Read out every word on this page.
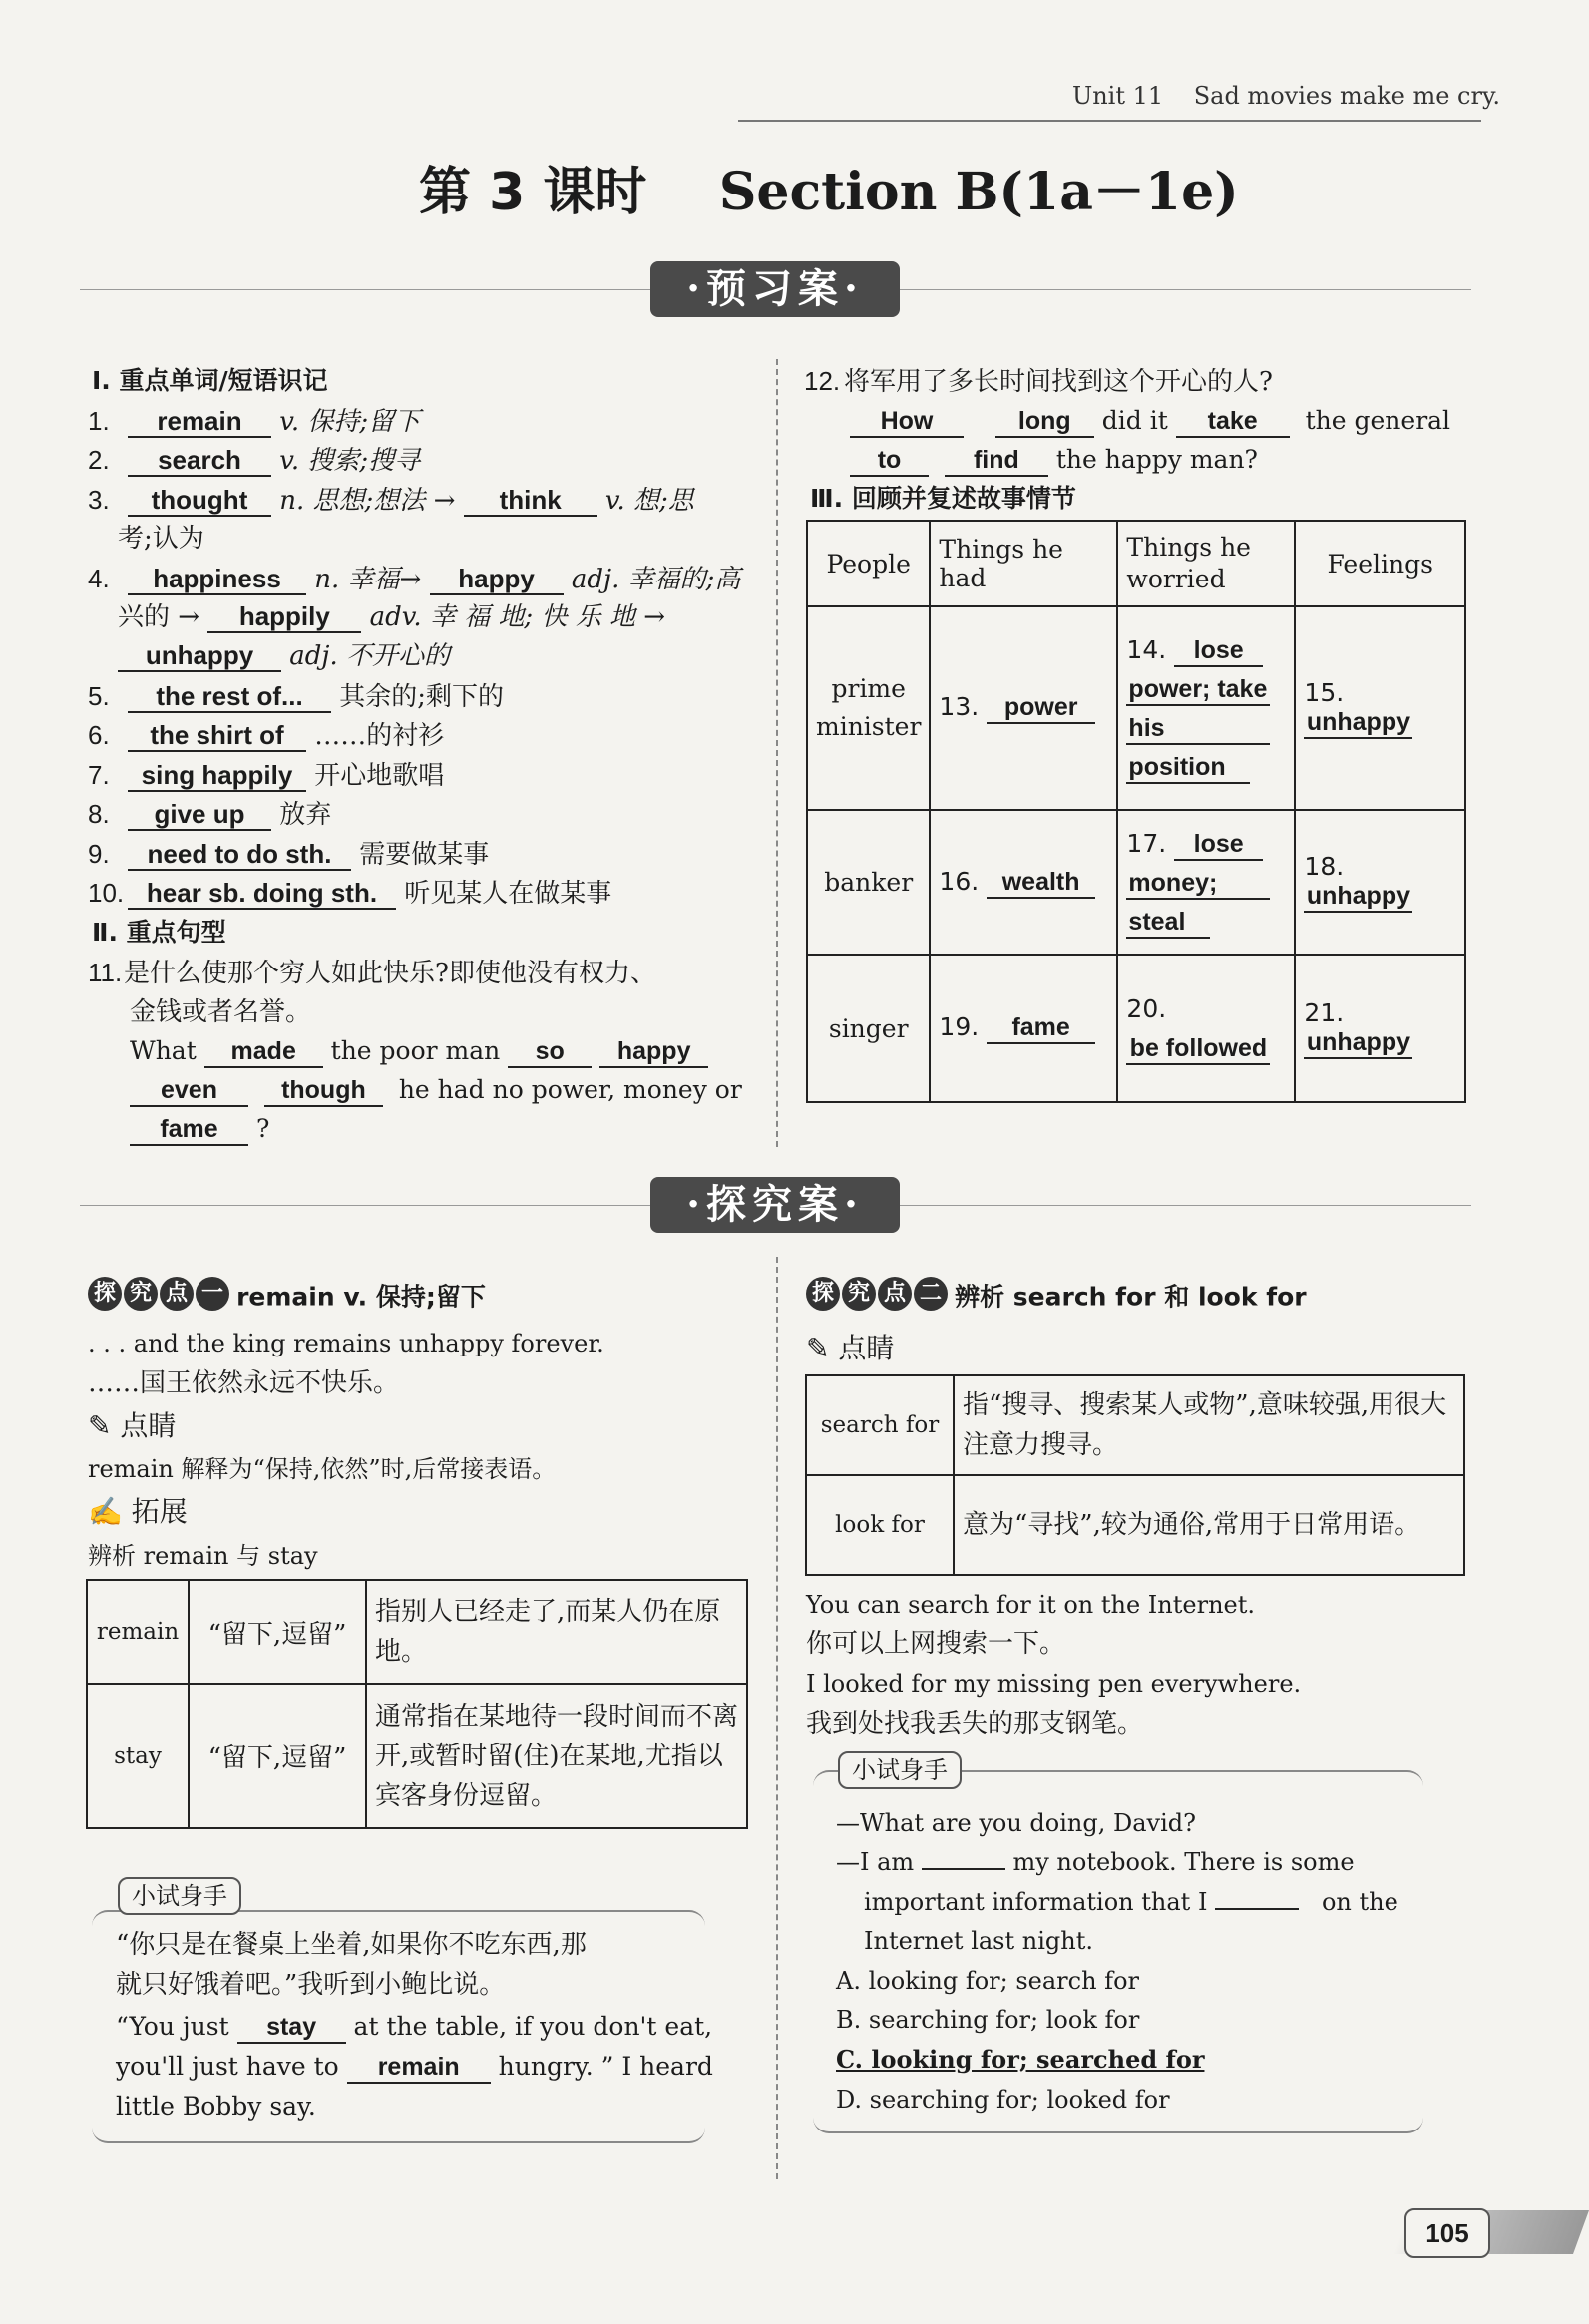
Unit 11 Sad movies make me cry.
第 3 课时 Section B(1a－1e)
·预习案·
Ⅰ. 重点单词/短语识记
1. remain v. 保持;留下
2. search v. 搜索;搜寻
3. thought n. 思想;想法 → think v. 想;思
考;认为
4. happiness n. 幸福→ happy adj. 幸福的;高
兴的 → happily adv. 幸 福 地; 快 乐 地 →
unhappy adj. 不开心的
5. the rest of... 其余的;剩下的
6. the shirt of ……的衬衫
7. sing happily 开心地歌唱
8. give up 放弃
9. need to do sth. 需要做某事
10. hear sb. doing sth. 听见某人在做某事
Ⅱ. 重点句型
11.是什么使那个穷人如此快乐?即使他没有权力、
金钱或者名誉。
What made the poor man so happy
even	though he had no power, money or
fame ?
12. 将军用了多长时间找到这个开心的人?
How	long did it take the general
to	find the happy man?
Ⅲ. 回顾并复述故事情节
People	Things he had	Things he worried	Feelings
prime minister	13. power	14. lose
power; take
his
position	15. unhappy
banker	16. wealth	17. lose
money;
steal	18. unhappy
singer	19. fame	20.
be followed	21. unhappy
·探究案·
探 究 点 一 remain v. 保持;留下
. . . and the king remains unhappy forever.
……国王依然永远不快乐。
✎ 点睛
remain 解释为“保持,依然”时,后常接表语。
✍ 拓展
辨析 remain 与 stay
remain	“留下,逗留”	指别人已经走了,而某人仍在原地。
stay	“留下,逗留”	通常指在某地待一段时间而不离开,或暂时留(住)在某地,尤指以宾客身份逗留。
小试身手
“你只是在餐桌上坐着,如果你不吃东西,那
就只好饿着吧。”我听到小鲍比说。
“You just stay at the table, if you don't eat,
you'll just have to remain hungry. ” I heard
little Bobby say.
探 究 点 二 辨析 search for 和 look for
✎ 点睛
search for	指“搜寻、搜索某人或物”,意味较强,用很大注意力搜寻。
look for	意为“寻找”,较为通俗,常用于日常用语。
You can search for it on the Internet.
你可以上网搜索一下。
I looked for my missing pen everywhere.
我到处找我丢失的那支钢笔。
小试身手
—What are you doing, David?
—I am	my notebook. There is some
important information that I	on the
Internet last night.
A. looking for; search for
B. searching for; look for
C. looking for; searched for
D. searching for; looked for
105
